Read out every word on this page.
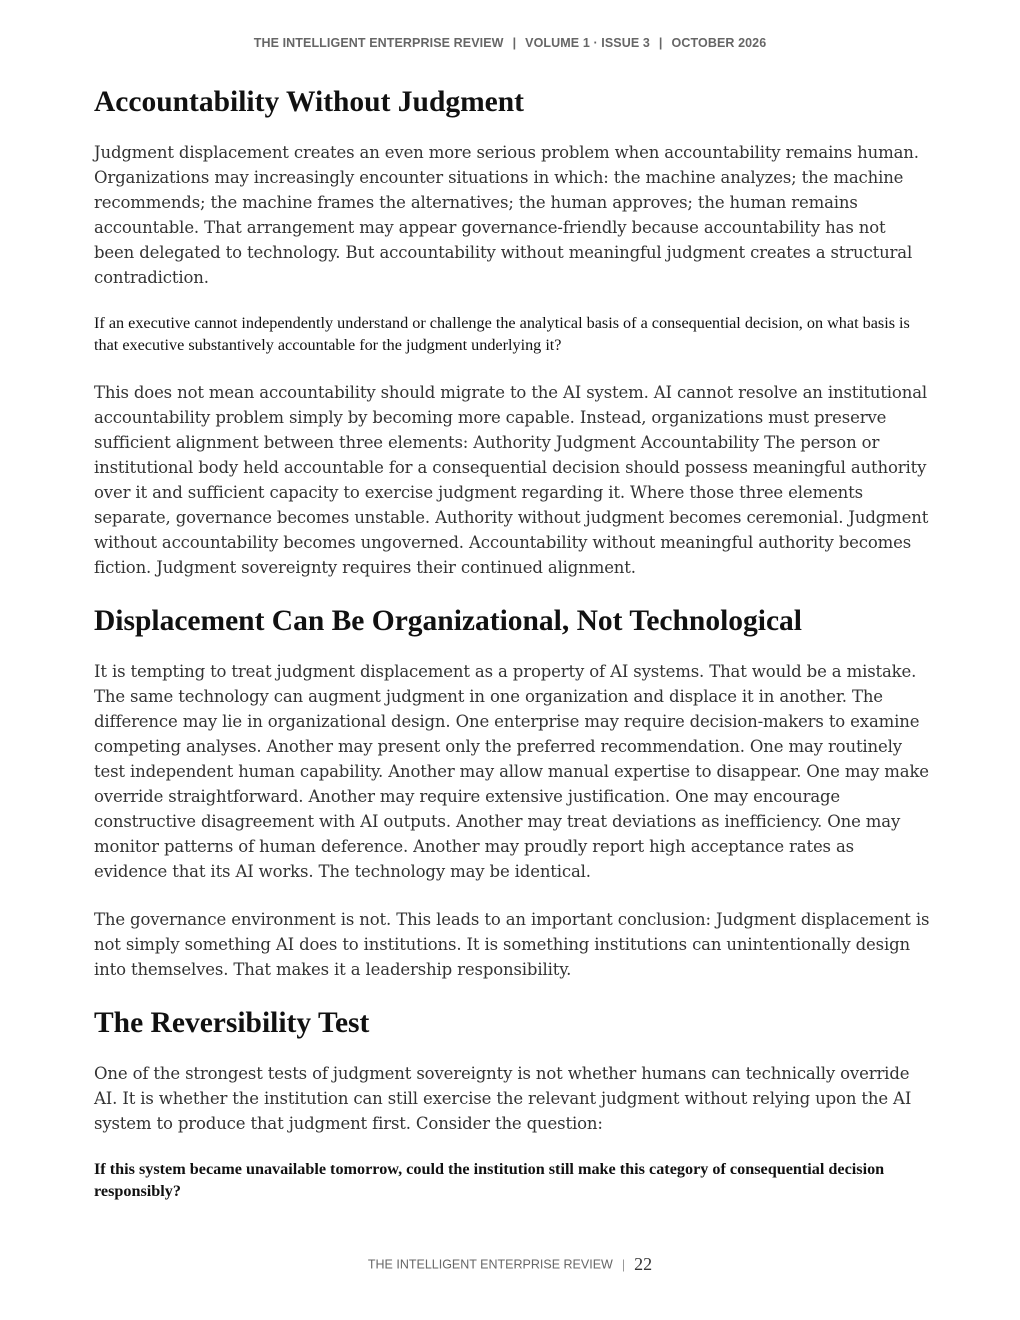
THE INTELLIGENT ENTERPRISE REVIEW | VOLUME 1 · ISSUE 3 | OCTOBER 2026
Accountability Without Judgment

Judgment displacement creates an even more serious problem when accountability remains human. Organizations may increasingly encounter situations in which: the machine analyzes; the machine recommends; the machine frames the alternatives; the human approves; the human remains accountable. That arrangement may appear governance-friendly because accountability has not been delegated to technology. But accountability without meaningful judgment creates a structural contradiction.

If an executive cannot independently understand or challenge the analytical basis of a consequential decision, on what basis is that executive substantively accountable for the judgment underlying it?

This does not mean accountability should migrate to the AI system. AI cannot resolve an institutional accountability problem simply by becoming more capable. Instead, organizations must preserve sufficient alignment between three elements: Authority Judgment Accountability The person or institutional body held accountable for a consequential decision should possess meaningful authority over it and sufficient capacity to exercise judgment regarding it. Where those three elements separate, governance becomes unstable. Authority without judgment becomes ceremonial. Judgment without accountability becomes ungoverned. Accountability without meaningful authority becomes fiction. Judgment sovereignty requires their continued alignment.

Displacement Can Be Organizational, Not Technological

It is tempting to treat judgment displacement as a property of AI systems. That would be a mistake. The same technology can augment judgment in one organization and displace it in another. The difference may lie in organizational design. One enterprise may require decision-makers to examine competing analyses. Another may present only the preferred recommendation. One may routinely test independent human capability. Another may allow manual expertise to disappear. One may make override straightforward. Another may require extensive justification. One may encourage constructive disagreement with AI outputs. Another may treat deviations as inefficiency. One may monitor patterns of human deference. Another may proudly report high acceptance rates as evidence that its AI works. The technology may be identical.

The governance environment is not. This leads to an important conclusion: Judgment displacement is not simply something AI does to institutions. It is something institutions can unintentionally design into themselves. That makes it a leadership responsibility.

The Reversibility Test

One of the strongest tests of judgment sovereignty is not whether humans can technically override AI. It is whether the institution can still exercise the relevant judgment without relying upon the AI system to produce that judgment first. Consider the question:

If this system became unavailable tomorrow, could the institution still make this category of consequential decision responsibly?

THE INTELLIGENT ENTERPRISE REVIEW | 22
